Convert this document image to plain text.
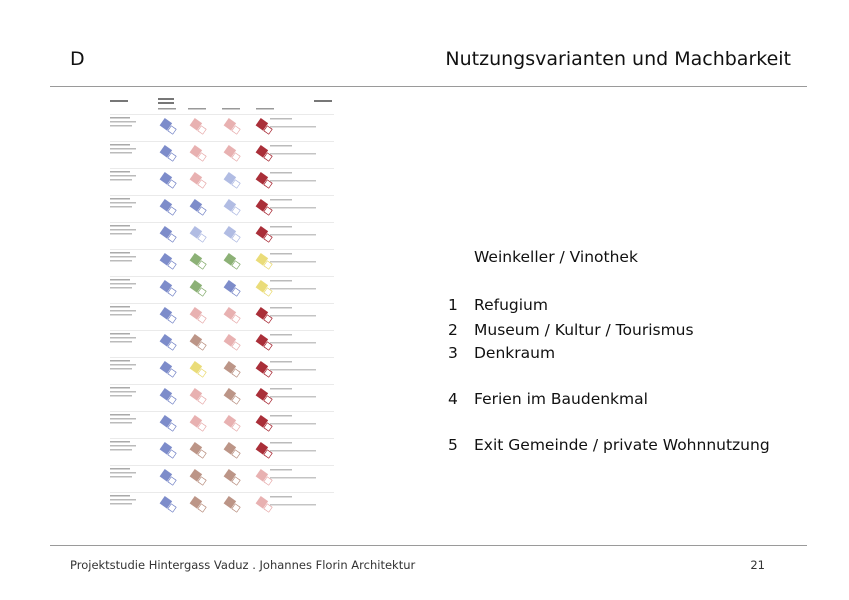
D	Nutzungsvarianten und Machbarkeit
Weinkeller / Vinothek
1 Refugium
2 Museum / Kultur / Tourismus
3 Denkraum
4 Ferien im Baudenkmal
5 Exit Gemeinde / private Wohnnutzung
Projektstudie Hintergass Vaduz . Johannes Florin Architektur	21
